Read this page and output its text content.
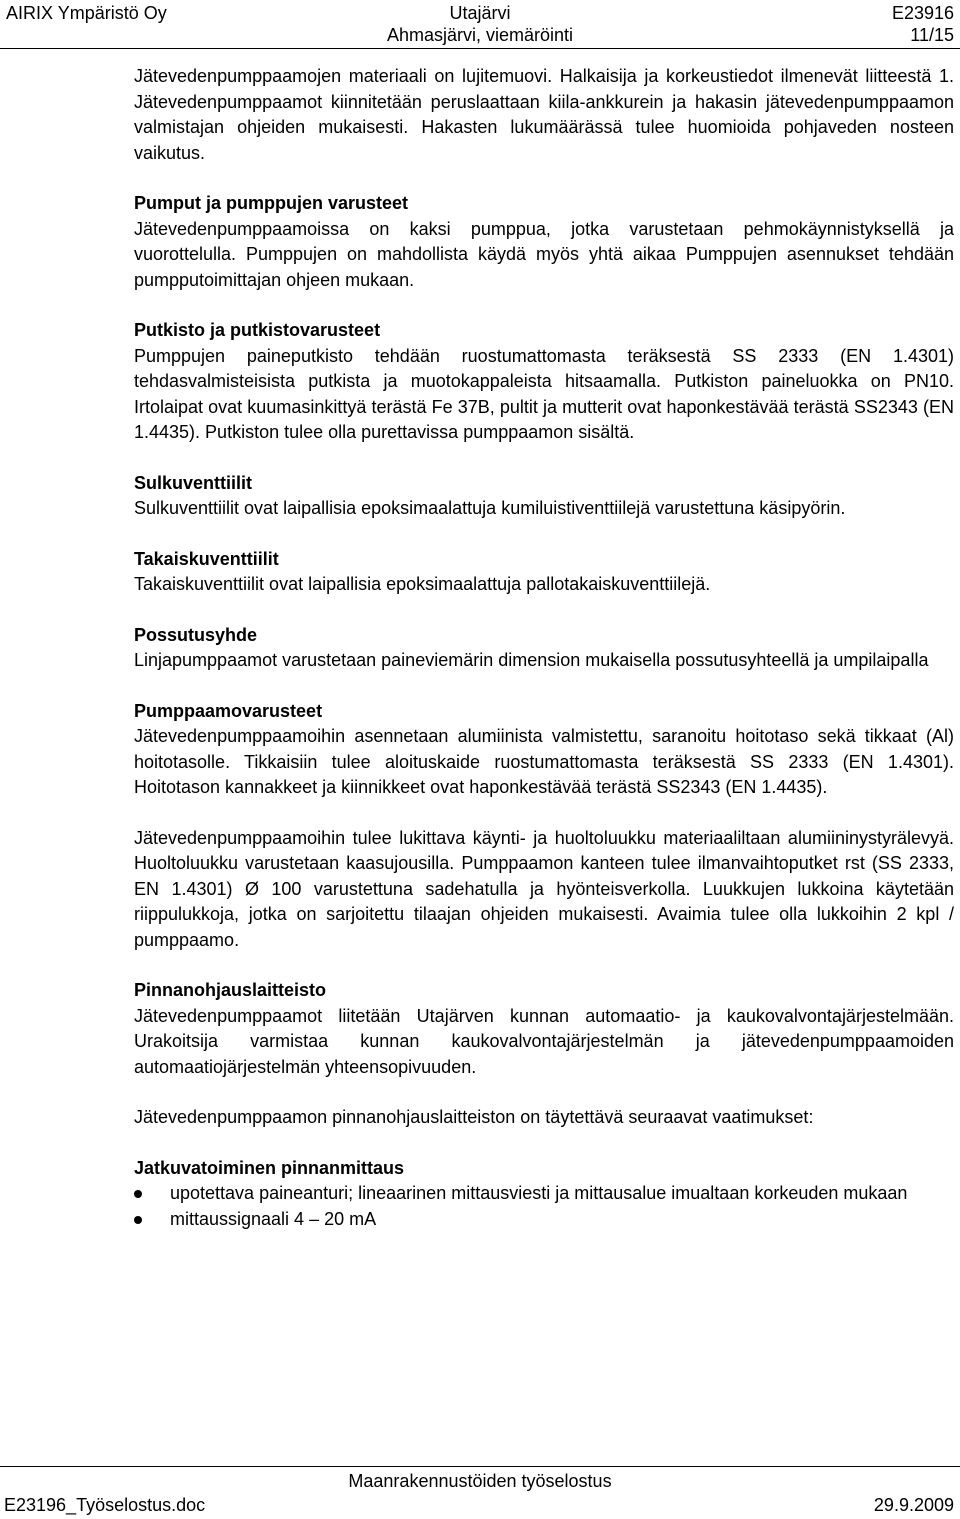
AIRIX Ympäristö Oy	Utajärvi
Ahmasjärvi, viemäröinti
E23916
11/15

Jätevedenpumppaamojen materiaali on lujitemuovi. Halkaisija ja korkeustiedot ilmenevät liitteestä 1. Jätevedenpumppaamot kiinnitetään peruslaattaan kiila-ankkurein ja hakasin jätevedenpumppaamon valmistajan ohjeiden mukaisesti. Hakasten lukumäärässä tulee huomioida pohjaveden nosteen vaikutus.

Pumput ja pumppujen varusteet

Jätevedenpumppaamoissa on kaksi pumppua, jotka varustetaan pehmokäynnistyksellä ja vuorottelulla. Pumppujen on mahdollista käydä myös yhtä aikaa Pumppujen asennukset tehdään pumpputoimittajan ohjeen mukaan.

Putkisto ja putkistovarusteet

Pumppujen paineputkisto tehdään ruostumattomasta teräksestä SS 2333 (EN 1.4301) tehdasvalmisteisista putkista ja muotokappaleista hitsaamalla. Putkiston paineluokka on PN10. Irtolaipat ovat kuumasinkittyä terästä Fe 37B, pultit ja mutterit ovat haponkestävää terästä SS2343 (EN 1.4435). Putkiston tulee olla purettavissa pumppaamon sisältä.

Sulkuventtiilit

Sulkuventtiilit ovat laipallisia epoksimaalattuja kumiluistiventtiilejä varustettuna käsipyörin.

Takaiskuventtiilit

Takaiskuventtiilit ovat laipallisia epoksimaalattuja pallotakaiskuventtiilejä.

Possutusyhde

Linjapumppaamot varustetaan paineviemärin dimension mukaisella possutusyhteellä ja umpilaipalla

Pumppaamovarusteet

Jätevedenpumppaamoihin asennetaan alumiinista valmistettu, saranoitu hoitotaso sekä tikkaat (Al) hoitotasolle. Tikkaisiin tulee aloituskaide ruostumattomasta teräksestä SS 2333 (EN 1.4301). Hoitotason kannakkeet ja kiinnikkeet ovat haponkestävää terästä SS2343 (EN 1.4435).

Jätevedenpumppaamoihin tulee lukittava käynti- ja huoltoluukku materiaaliltaan alumiininystyrälevyä. Huoltoluukku varustetaan kaasujousilla. Pumppaamon kanteen tulee ilmanvaihtoputket rst (SS 2333, EN 1.4301) Ø 100 varustettuna sadehatulla ja hyönteisverkolla. Luukkujen lukkoina käytetään riippulukkoja, jotka on sarjoitettu tilaajan ohjeiden mukaisesti. Avaimia tulee olla lukkoihin 2 kpl / pumppaamo.

Pinnanohjauslaitteisto

Jätevedenpumppaamot liitetään Utajärven kunnan automaatio- ja kaukovalvontajärjestelmään. Urakoitsija varmistaa kunnan kaukovalvontajärjestelmän ja jätevedenpumppaamoiden automaatiojärjestelmän yhteensopivuuden.

Jätevedenpumppaamon pinnanohjauslaitteiston on täytettävä seuraavat vaatimukset:

Jatkuvatoiminen pinnanmittaus
upotettava paineanturi; lineaarinen mittausviesti ja mittausalue imualtaan korkeuden mukaan
mittaussignaali 4 – 20 mA
Maanrakennustöiden työselostus
E23196_Työselostus.doc	29.9.2009
